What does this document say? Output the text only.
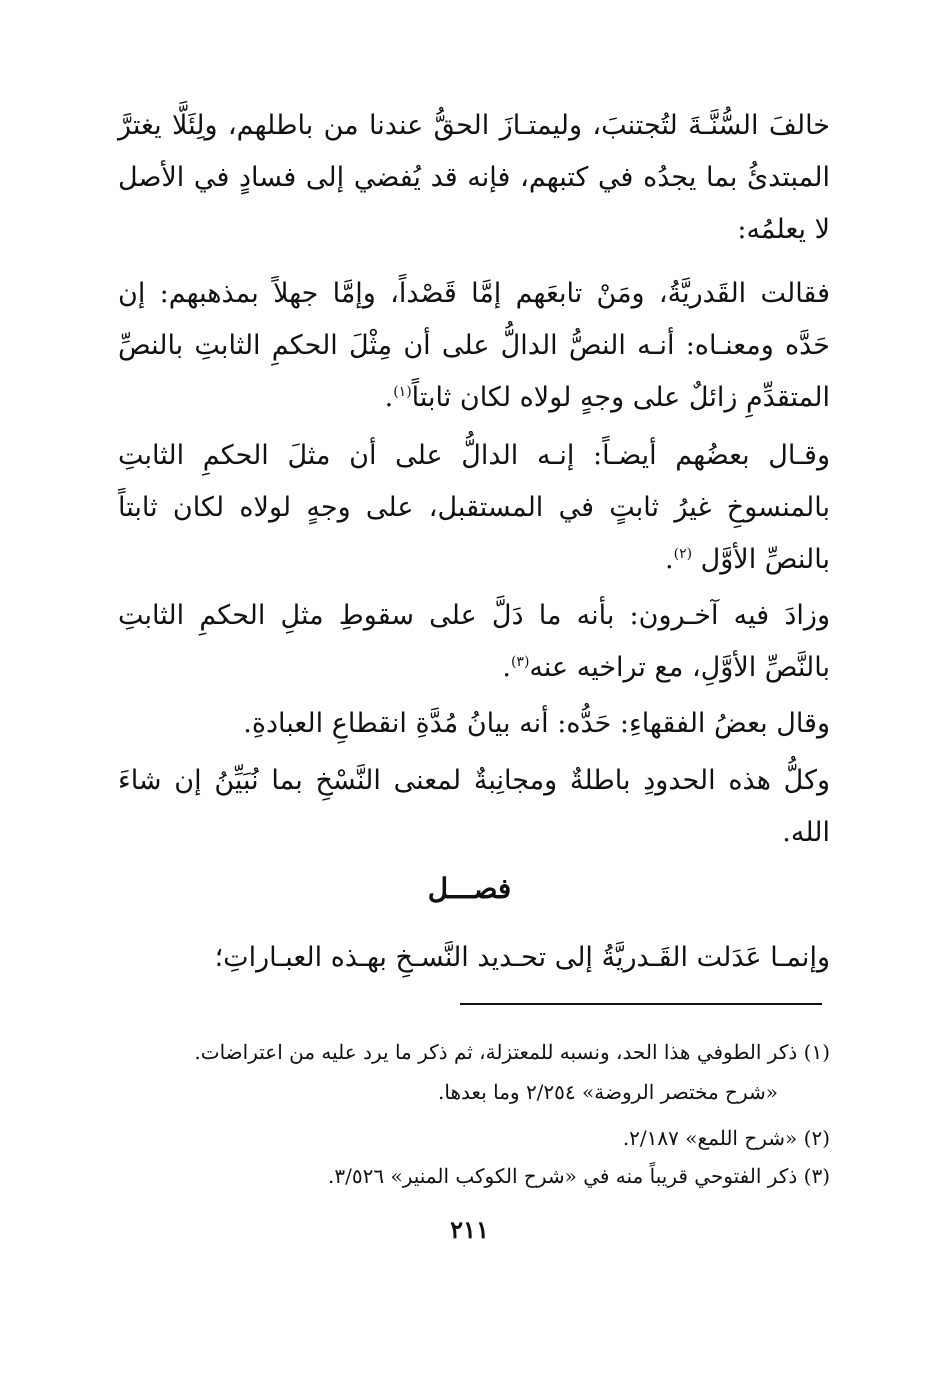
خالفَ السُّنَّـةَ لتُجتنبَ، وليمتـازَ الحقُّ عندنا من باطلهم، ولِئَلَّا يغترَّ المبتدئُ بما يجدُه في كتبهم، فإنه قد يُفضي إلى فسادٍ في الأصل لا يعلمُه:

فقالت القَدريَّةُ، ومَنْ تابعَهم إمَّا قَصْداً، وإمَّا جهلاً بمذهبهم: إن حَدَّه ومعنـاه: أنـه النصُّ الدالُّ على أن مِثْلَ الحكمِ الثابتِ بالنصِّ المتقدِّمِ زائلٌ على وجهٍ لولاه لكان ثابتاً$^{(١)}$.

وقـال بعضُهم أيضـاً: إنـه الدالُّ على أن مثلَ الحكمِ الثابتِ بالمنسوخِ غيرُ ثابتٍ في المستقبل، على وجهٍ لولاه لكان ثابتاً بالنصِّ الأوَّل $^{(٢)}$.

وزادَ فيه آخـرون: بأنه ما دَلَّ على سقوطِ مثلِ الحكمِ الثابتِ بالنَّصِّ الأوَّلِ، مع تراخيه عنه$^{(٣)}$.

وقال بعضُ الفقهاءِ: حَدُّه: أنه بيانُ مُدَّةِ انقطاعِ العبادةِ.

وكلُّ هذه الحدودِ باطلةٌ ومجانِبةٌ لمعنى النَّسْخِ بما نُبَيِّنُ إن شاءَ الله.

فصـــل

وإنمـا عَدَلت القَـدريَّةُ إلى تحـديد النَّسـخِ بهـذه العبـاراتِ؛

(١) ذكر الطوفي هذا الحد، ونسبه للمعتزلة، ثم ذكر ما يرد عليه من اعتراضات.

«شرح مختصر الروضة» ٢/٢٥٤ وما بعدها.

(٢) «شرح اللمع» ٢/١٨٧.

(٣) ذكر الفتوحي قريباً منه في «شرح الكوكب المنير» ٣/٥٢٦.

٢١١
